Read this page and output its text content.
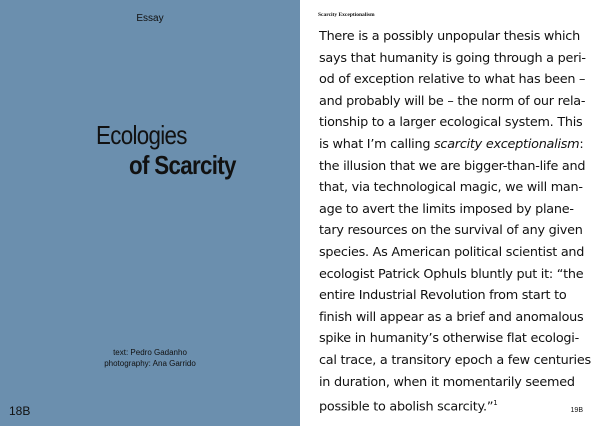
Essay
Ecologies
of Scarcity
text: Pedro Gadanho
photography: Ana Garrido
18B
Scarcity Exceptionalism
There is a possibly unpopular thesis which
says that humanity is going through a peri-
od of exception relative to what has been –
and probably will be – the norm of our rela-
tionship to a larger ecological system. This
is what I’m calling scarcity exceptionalism:
the illusion that we are bigger-than-life and
that, via technological magic, we will man-
age to avert the limits imposed by plane-
tary resources on the survival of any given
species. As American political scientist and
ecologist Patrick Ophuls bluntly put it: “the
entire Industrial Revolution from start to
finish will appear as a brief and anomalous
spike in humanity’s otherwise flat ecologi-
cal trace, a transitory epoch a few centuries
in duration, when it momentarily seemed
possible to abolish scarcity.”$^1$
19B
